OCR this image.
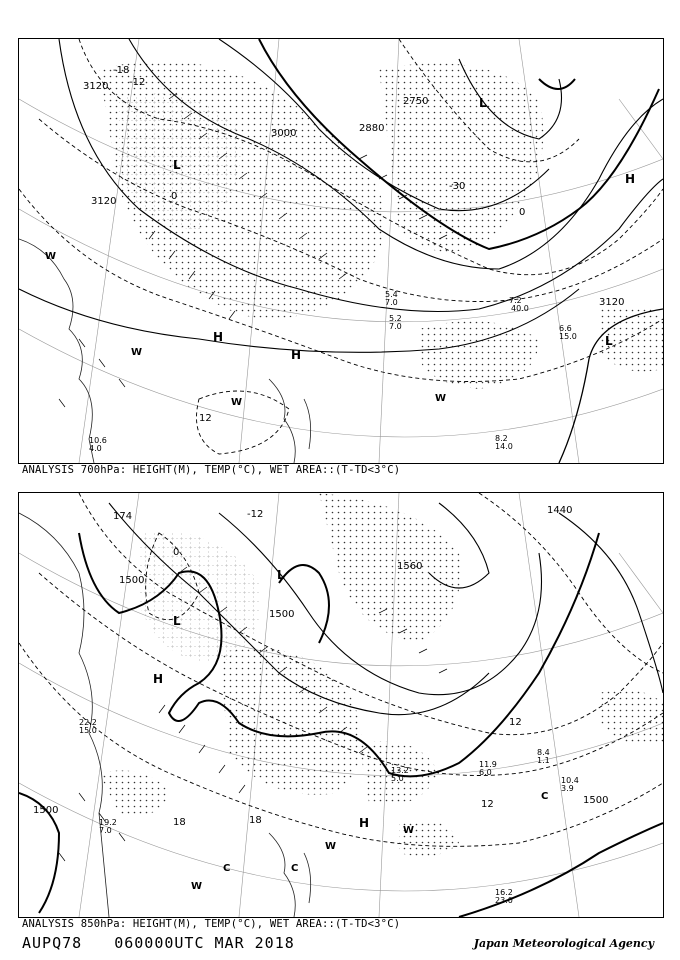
3120
3120
3000
3120
2750
2880
-18
-12
0
0
12
-30
L
L
L
H
H
H
W
W
W	W
7.2
40.0
8.2
14.0
6.6
15.0
10.6
4.0
5.4
7.0
5.2
7.0
ANALYSIS 700hPa: HEIGHT(M), TEMP(°C), WET AREA::(T-TD<3°C)
1500
1500
1500
1500
1560
1440
174
0
12
18	18
12
-12
L
L
H
H
W
W
W
C
C	C
16.2
23.0
10.4
3.9
8.4
1.1
11.9
6.0
13.2
5.0
19.2
7.0
22.2
15.0
ANALYSIS 850hPa: HEIGHT(M), TEMP(°C), WET AREA::(T-TD<3°C)
AUPQ78 060000UTC MAR 2018	Japan Meteorological Agency
